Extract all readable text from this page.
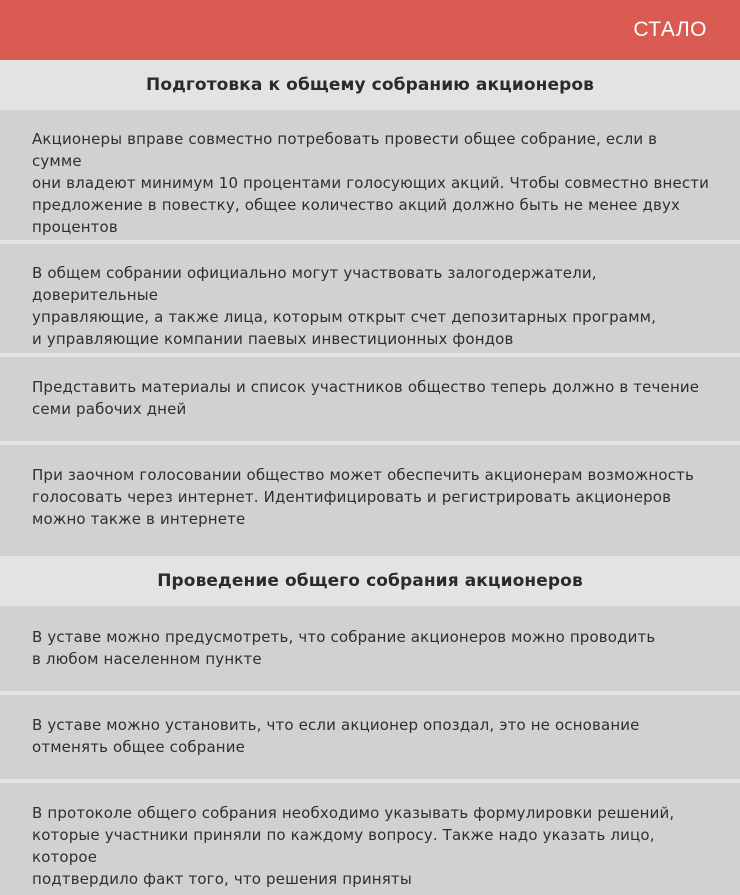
СТАЛО
Подготовка к общему собранию акционеров
Акционеры вправе совместно потребовать провести общее собрание, если в сумме
они владеют минимум 10 процентами голосующих акций. Чтобы совместно внести
предложение в повестку, общее количество акций должно быть не менее двух
процентов
В общем собрании официально могут участвовать залогодержатели, доверительные
управляющие, а также лица, которым открыт счет депозитарных программ,
и управляющие компании паевых инвестиционных фондов
Представить материалы и список участников общество теперь должно в течение
семи рабочих дней
При заочном голосовании общество может обеспечить акционерам возможность
голосовать через интернет. Идентифицировать и регистрировать акционеров
можно также в интернете
Проведение общего собрания акционеров
В уставе можно предусмотреть, что собрание акционеров можно проводить
в любом населенном пункте
В уставе можно установить, что если акционер опоздал, это не основание
отменять общее собрание
В протоколе общего собрания необходимо указывать формулировки решений,
которые участники приняли по каждому вопросу. Также надо указать лицо, которое
подтвердило факт того, что решения приняты
